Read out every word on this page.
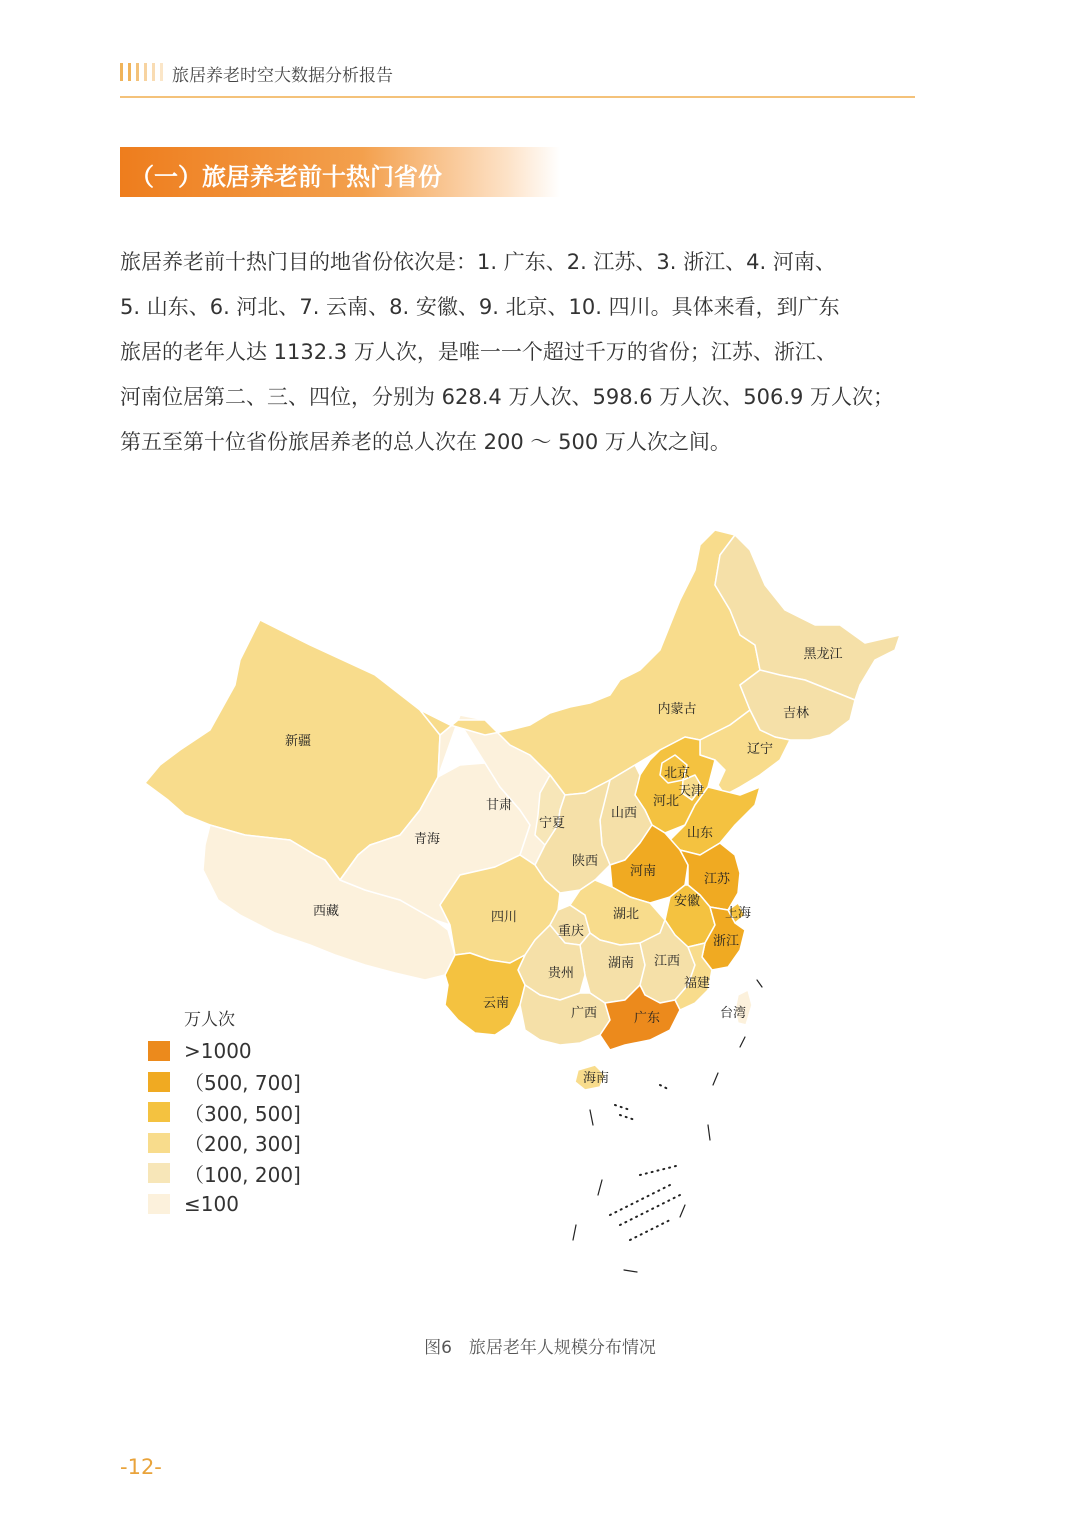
旅居养老时空大数据分析报告
（一）旅居养老前十热门省份

旅居养老前十热门目的地省份依次是：1. 广东、2. 江苏、3. 浙江、4. 河南、
5. 山东、6. 河北、7. 云南、8. 安徽、9. 北京、10. 四川。具体来看，到广东
旅居的老年人达 1132.3 万人次，是唯一一个超过千万的省份；江苏、浙江、
河南位居第二、三、四位，分别为 628.4 万人次、598.6 万人次、506.9 万人次；
第五至第十位省份旅居养老的总人次在 200 ～ 500 万人次之间。

新疆
西藏
青海
甘肃
内蒙古
黑龙江
吉林
辽宁
北京
天津
河北
山西
宁夏
陕西
山东
河南
江苏
安徽
上海
浙江
四川
重庆
湖北
湖南 江西
福建
贵州
云南
广西	广东
海南
台湾
万人次
>1000
（500, 700]
（300, 500]
（200, 300]
（100, 200]
≤100
图6　旅居老年人规模分布情况
-12-
